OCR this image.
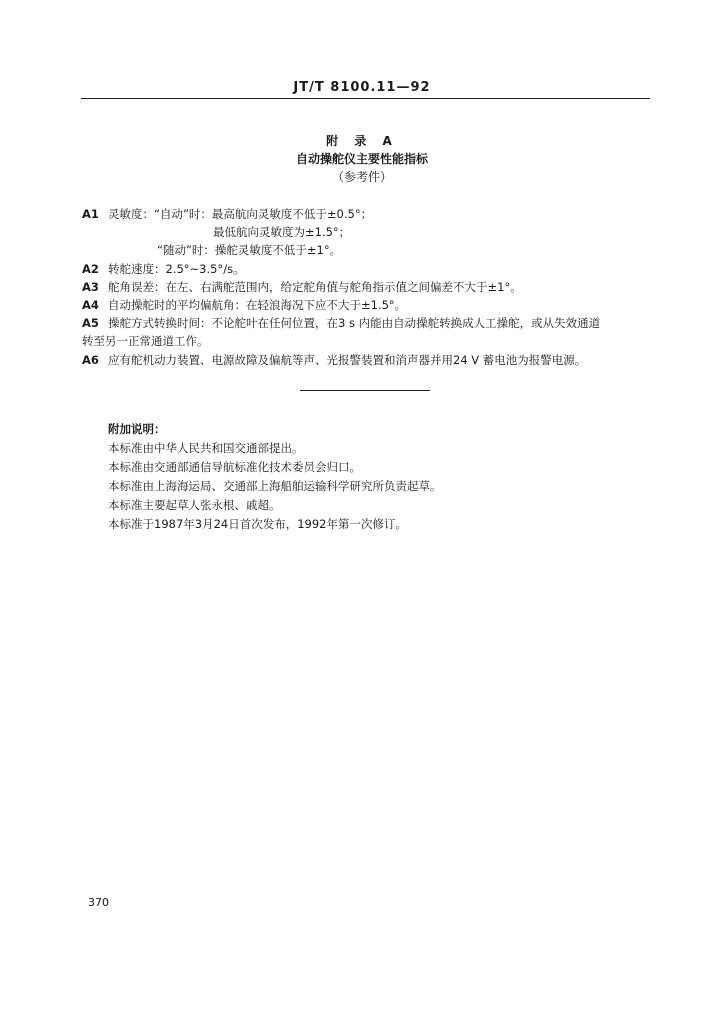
JT/T 8100.11—92
附 录 A
自动操舵仪主要性能指标
（参考件）
A1 灵敏度：“自动”时：最高航向灵敏度不低于±0.5°；
最低航向灵敏度为±1.5°；
“随动”时：操舵灵敏度不低于±1°。
A2 转舵速度：2.5°~3.5°/s。
A3 舵角误差：在左、右满舵范围内，给定舵角值与舵角指示值之间偏差不大于±1°。
A4 自动操舵时的平均偏航角：在轻浪海况下应不大于±1.5°。
A5 操舵方式转换时间：不论舵叶在任何位置，在3 s 内能由自动操舵转换成人工操舵，或从失效通道
转至另一正常通道工作。
A6 应有舵机动力装置、电源故障及偏航等声、光报警装置和消声器并用24 V 蓄电池为报警电源。
附加说明：
本标准由中华人民共和国交通部提出。
本标准由交通部通信导航标准化技术委员会归口。
本标准由上海海运局、交通部上海船舶运输科学研究所负责起草。
本标准主要起草人张永根、戚超。
本标准于1987年3月24日首次发布，1992年第一次修订。
370
